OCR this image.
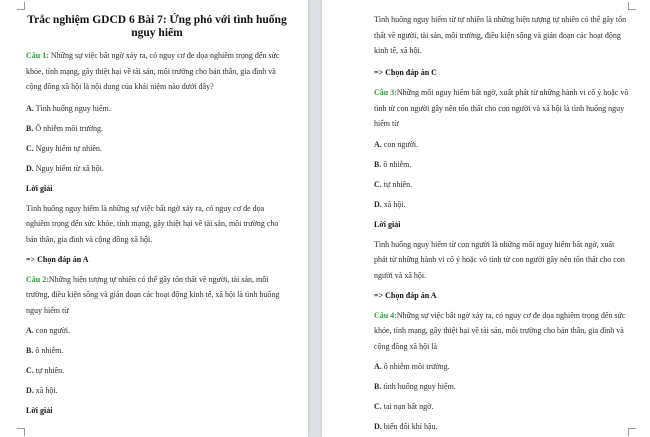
Trắc nghiệm GDCD 6 Bài 7: Ứng phó với tình huống nguy hiểm

Câu 1: Những sự việc bất ngờ xảy ra, có nguy cơ đe dọa nghiêm trọng đến sức khỏe, tính mạng, gây thiệt hại về tài sản, môi trường cho bản thân, gia đình và cộng đồng xã hội là nội dung của khái niệm nào dưới đây?

A. Tình huống nguy hiểm.

B. Ô nhiễm môi trường.

C. Nguy hiểm tự nhiên.

D. Nguy hiểm từ xã hội.

Lời giải

Tình huống nguy hiểm là những sự việc bất ngờ xảy ra, có nguy cơ đe dọa nghiêm trọng đến sức khỏe, tính mạng, gây thiệt hại về tài sản, môi trường cho bản thân, gia đình và cộng đồng xã hội.

=> Chọn đáp án A

Câu 2:Những hiện tượng tự nhiên có thể gây tổn thất về người, tài sản, môi trường, điều kiện sống và gián đoạn các hoạt động kinh tế, xã hội là tình huống nguy hiểm từ

A. con người.

B. ô nhiễm.

C. tự nhiên.

D. xã hội.

Lời giải

Tình huống nguy hiểm từ tự nhiên là những hiện tượng tự nhiên có thể gây tổn thất về người, tài sản, môi trường, điều kiện sống và gián đoạn các hoạt động kinh tế, xã hội.

=> Chọn đáp án C

Câu 3:Những mối nguy hiểm bất ngờ, xuất phát từ những hành vi cố ý hoặc vô tình từ con người gây nên tổn thất cho con người và xã hội là tình huống nguy hiểm từ

A. con người.

B. ô nhiễm.

C. tự nhiên.

D. xã hội.

Lời giải

Tình huống nguy hiểm từ con người là những mối nguy hiểm bất ngờ, xuất phát từ những hành vi cố ý hoặc vô tình từ con người gây nên tổn thất cho con người và xã hội.

=> Chọn đáp án A

Câu 4:Những sự việc bất ngờ xảy ra, có nguy cơ đe dọa nghiêm trọng đến sức khỏe, tính mạng, gây thiệt hại về tài sản, môi trường cho bản thân, gia đình và cộng đồng xã hội là

A. ô nhiễm môi trường.

B. tình huống nguy hiểm.

C. tai nạn bất ngờ.

D. biến đổi khí hậu.
